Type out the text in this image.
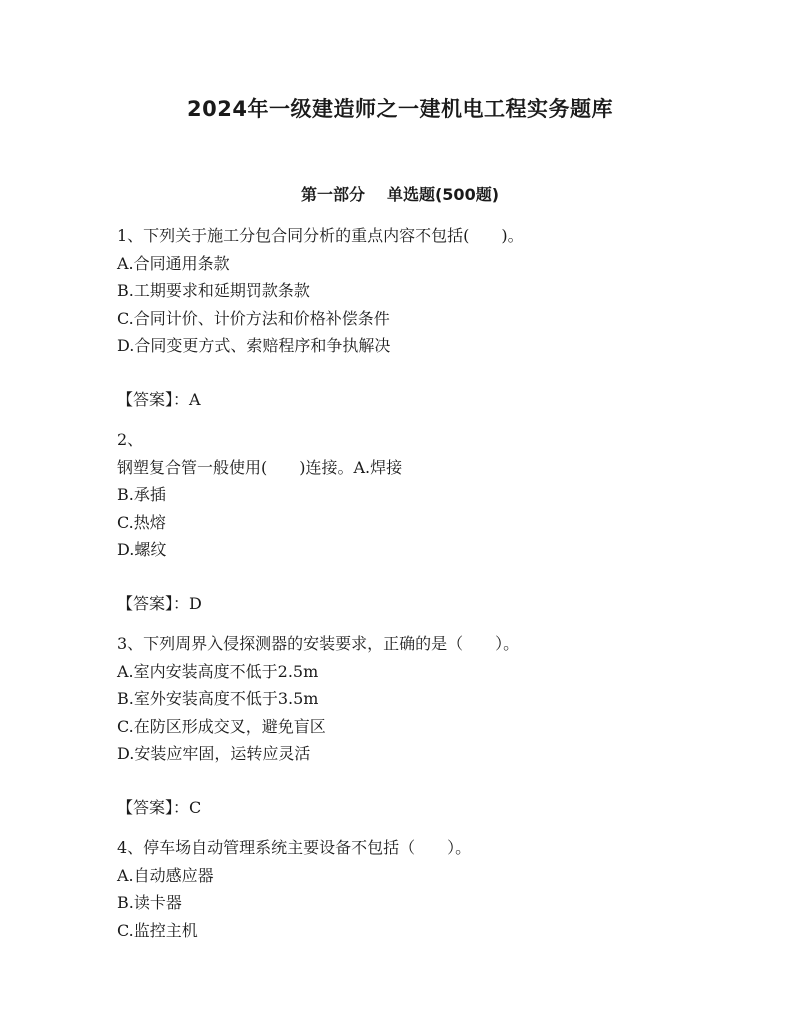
2024年一级建造师之一建机电工程实务题库
第一部分 单选题(500题)
1、下列关于施工分包合同分析的重点内容不包括(　　)。
A.合同通用条款
B.工期要求和延期罚款条款
C.合同计价、计价方法和价格补偿条件
D.合同变更方式、索赔程序和争执解决
【答案】：A
2、
钢塑复合管一般使用(　　)连接。A.焊接
B.承插
C.热熔
D.螺纹
【答案】：D
3、下列周界入侵探测器的安装要求，正确的是（　　）。
A.室内安装高度不低于2.5m
B.室外安装高度不低于3.5m
C.在防区形成交叉，避免盲区
D.安装应牢固，运转应灵活
【答案】：C
4、停车场自动管理系统主要设备不包括（　　）。
A.自动感应器
B.读卡器
C.监控主机
